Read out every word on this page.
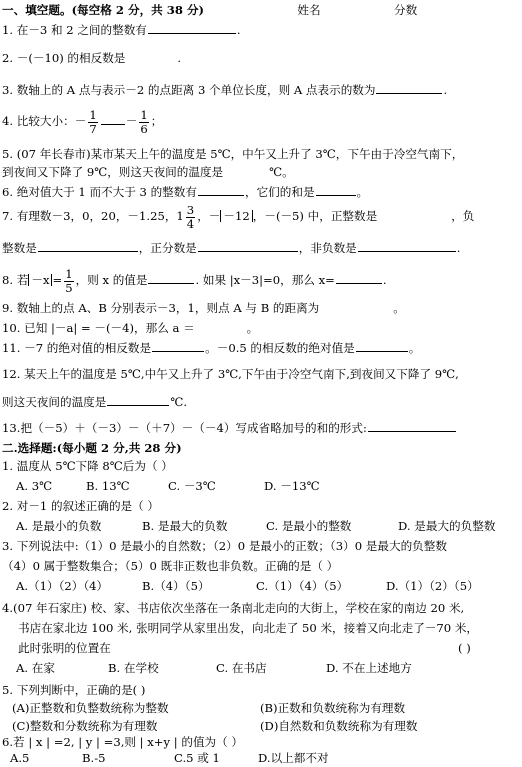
一、填空题。(每空格 2 分，共 38 分)	姓名	分数
1. 在－3 和 2 之间的整数有	.
2. －(－10) 的相反数是	.
3. 数轴上的 A 点与表示－2 的点距离 3 个单位长度，则 A 点表示的数为	.
4. 比较大小：－ $\frac{1}{7} - \frac{1}{6}$ ；
5. (07 年长春市)某市某天上午的温度是 5℃，中午又上升了 3℃，下午由于冷空气南下，
到夜间又下降了 9℃，则这天夜间的温度是	℃。
6. 绝对值大于 1 而不大于 3 的整数有	，它们的和是	。
7. 有理数－3，0，20，－1.25，$1 \frac{3}{4}$ ，－ －12 ，－(－5) 中，正整数是	，负
整数是	，正分数是	，非负数是	.
8. 若 $-x = \frac{1}{5}$ ，则 x 的值是	. 如果 |x－3|=0，那么 x=	.
9. 数轴上的点 A、B 分别表示－3，1，则点 A 与 B 的距离为	。
10. 已知 |－a| = －(－4)，那么 a ＝	。
11. －7 的绝对值的相反数是	。－0.5 的相反数的绝对值是	。
12. 某天上午的温度是 5℃,中午又上升了 3℃,下午由于冷空气南下,到夜间又下降了 9℃,
则这天夜间的温度是	℃.
13.把（－5）＋（－3）－（＋7）－（－4）写成省略加号的和的形式:
二.选择题:(每小题 2 分,共 28 分)
1. 温度从 5℃下降 8℃后为（ ）
A. 3℃	B. 13℃	C. －3℃	D. －13℃
2. 对－1 的叙述正确的是（ ）
A. 是最小的负数	B. 是最大的负数	C. 是最小的整数	D. 是最大的负整数
3. 下列说法中:（1）0 是最小的自然数；（2）0 是最小的正数；（3）0 是最大的负整数
（4）0 属于整数集合；（5）0 既非正数也非负数。正确的是（ ）
A.（1）（2）（4）	B.（4）（5）	C.（1）（4）（5）	D.（1）（2）（5）
4.(07 年石家庄) 校、家、书店依次坐落在一条南北走向的大街上，学校在家的南边 20 米,
书店在家北边 100 米, 张明同学从家里出发，向北走了 50 米，接着又向北走了－70 米，
此时张明的位置在	( )
A. 在家	B. 在学校	C. 在书店	D. 不在上述地方
5. 下列判断中，正确的是( )
(A)正整数和负整数统称为整数	(B)正数和负数统称为有理数
(C)整数和分数统称为有理数	(D)自然数和负数统称为有理数
6.若 | x | =2, | y | =3,则 | x+y | 的值为（ ）
A.5	B.-5	C.5 或 1	D.以上都不对
